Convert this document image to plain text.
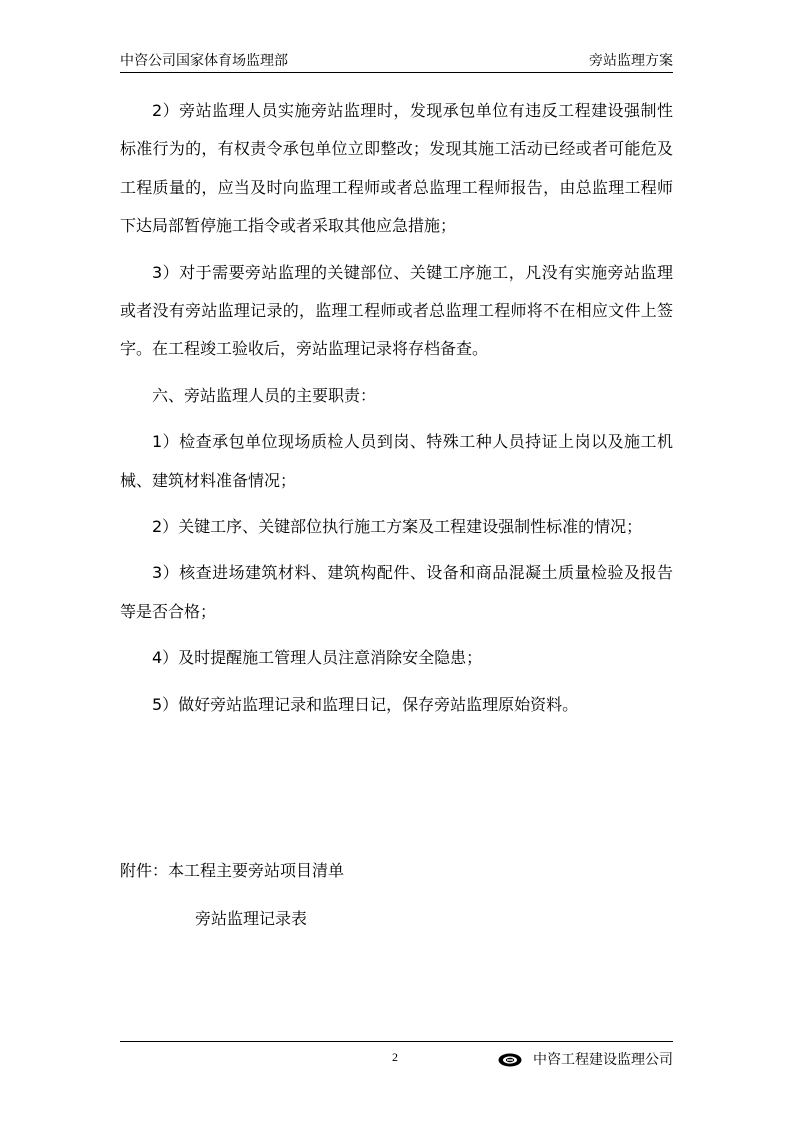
中咨公司国家体育场监理部	旁站监理方案

2）旁站监理人员实施旁站监理时，发现承包单位有违反工程建设强制性标准行为的，有权责令承包单位立即整改；发现其施工活动已经或者可能危及工程质量的，应当及时向监理工程师或者总监理工程师报告，由总监理工程师下达局部暂停施工指令或者采取其他应急措施；

3）对于需要旁站监理的关键部位、关键工序施工，凡没有实施旁站监理或者没有旁站监理记录的，监理工程师或者总监理工程师将不在相应文件上签字。在工程竣工验收后，旁站监理记录将存档备查。

六、旁站监理人员的主要职责：

1）检查承包单位现场质检人员到岗、特殊工种人员持证上岗以及施工机械、建筑材料准备情况；

2）关键工序、关键部位执行施工方案及工程建设强制性标准的情况；

3）核查进场建筑材料、建筑构配件、设备和商品混凝土质量检验及报告等是否合格；

4）及时提醒施工管理人员注意消除安全隐患；

5）做好旁站监理记录和监理日记，保存旁站监理原始资料。

附件：本工程主要旁站项目清单
旁站监理记录表
2	中咨工程建设监理公司
